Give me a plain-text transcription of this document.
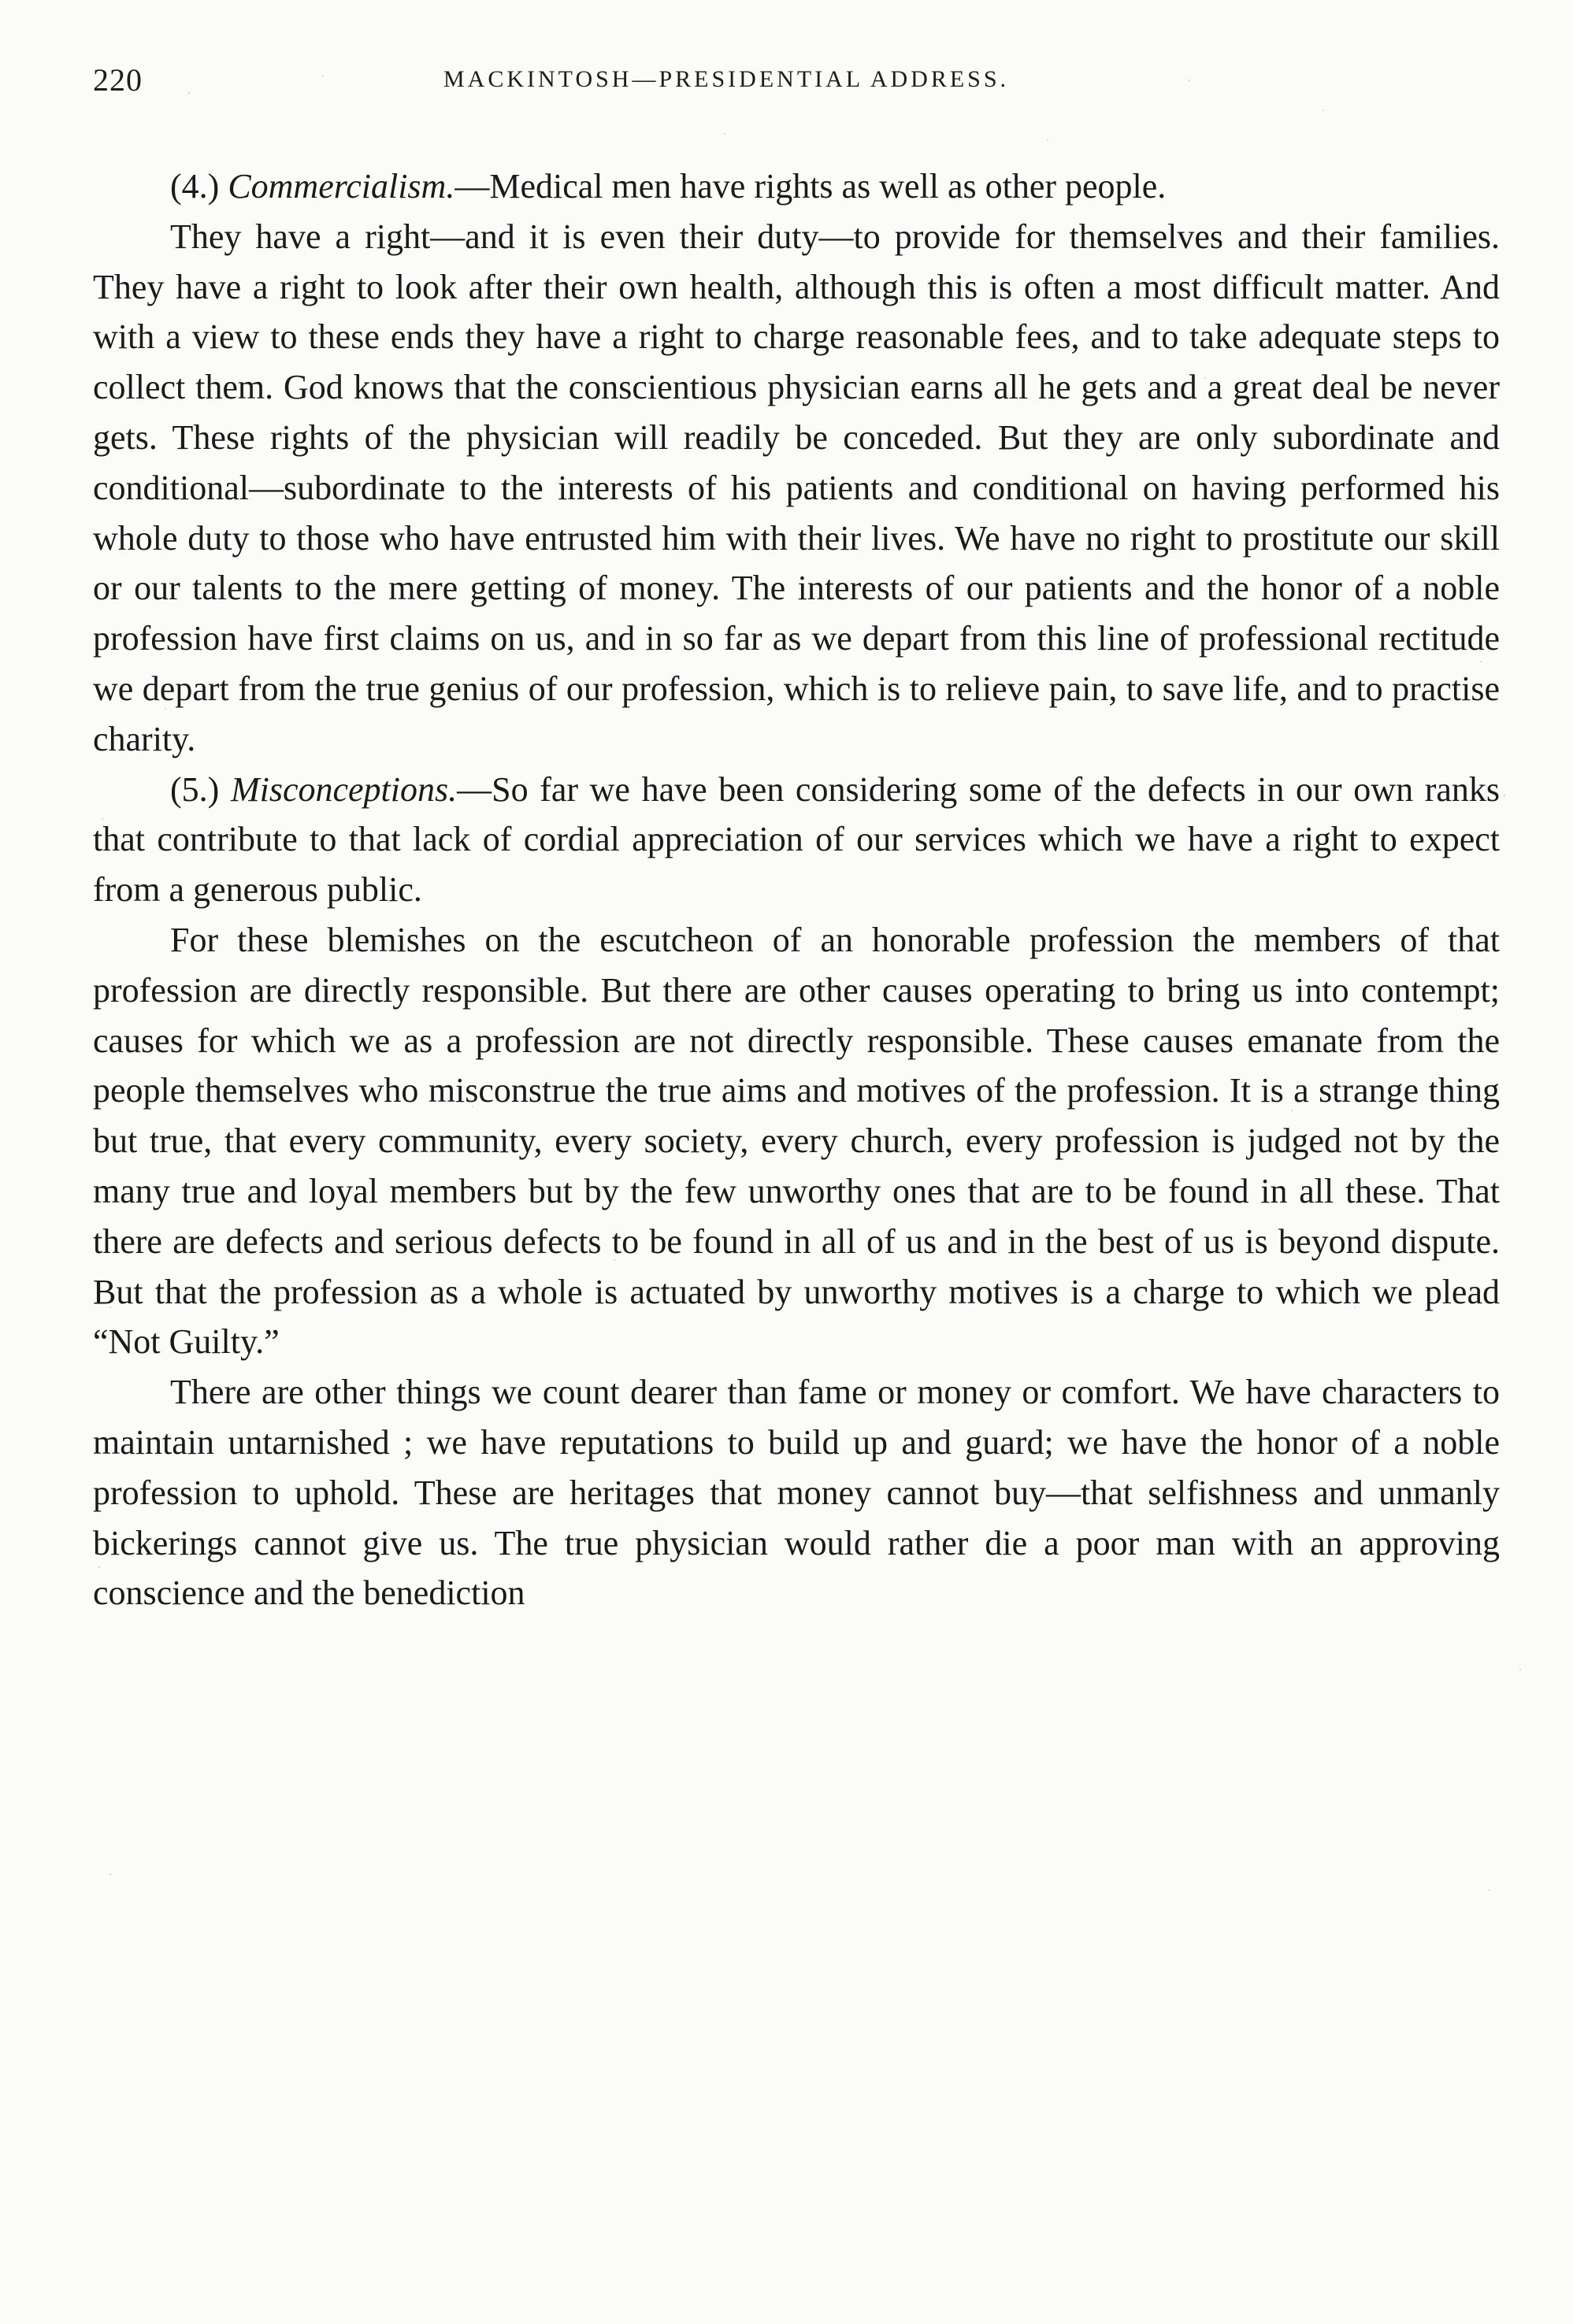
220	MACKINTOSH—PRESIDENTIAL ADDRESS.

(4.) Commercialism.—Medical men have rights as well as other people.

They have a right—and it is even their duty—to provide for themselves and their families. They have a right to look after their own health, although this is often a most difficult matter. And with a view to these ends they have a right to charge reasonable fees, and to take adequate steps to collect them. God knows that the conscientious physician earns all he gets and a great deal be never gets. These rights of the physician will readily be conceded. But they are only subordinate and conditional—subordinate to the interests of his patients and conditional on having performed his whole duty to those who have entrusted him with their lives. We have no right to prostitute our skill or our talents to the mere getting of money. The interests of our patients and the honor of a noble profession have first claims on us, and in so far as we depart from this line of professional rectitude we depart from the true genius of our profession, which is to relieve pain, to save life, and to practise charity.

(5.) Misconceptions.—So far we have been considering some of the defects in our own ranks that contribute to that lack of cordial appreciation of our services which we have a right to expect from a generous public.

For these blemishes on the escutcheon of an honorable profession the members of that profession are directly responsible. But there are other causes operating to bring us into contempt; causes for which we as a profession are not directly responsible. These causes emanate from the people themselves who misconstrue the true aims and motives of the profession. It is a strange thing but true, that every community, every society, every church, every profession is judged not by the many true and loyal members but by the few unworthy ones that are to be found in all these. That there are defects and serious defects to be found in all of us and in the best of us is beyond dispute. But that the profession as a whole is actuated by unworthy motives is a charge to which we plead “Not Guilty.”

There are other things we count dearer than fame or money or comfort. We have characters to maintain untarnished ; we have reputations to build up and guard; we have the honor of a noble profession to uphold. These are heritages that money cannot buy—that selfishness and unmanly bickerings cannot give us. The true physician would rather die a poor man with an approving conscience and the benediction
